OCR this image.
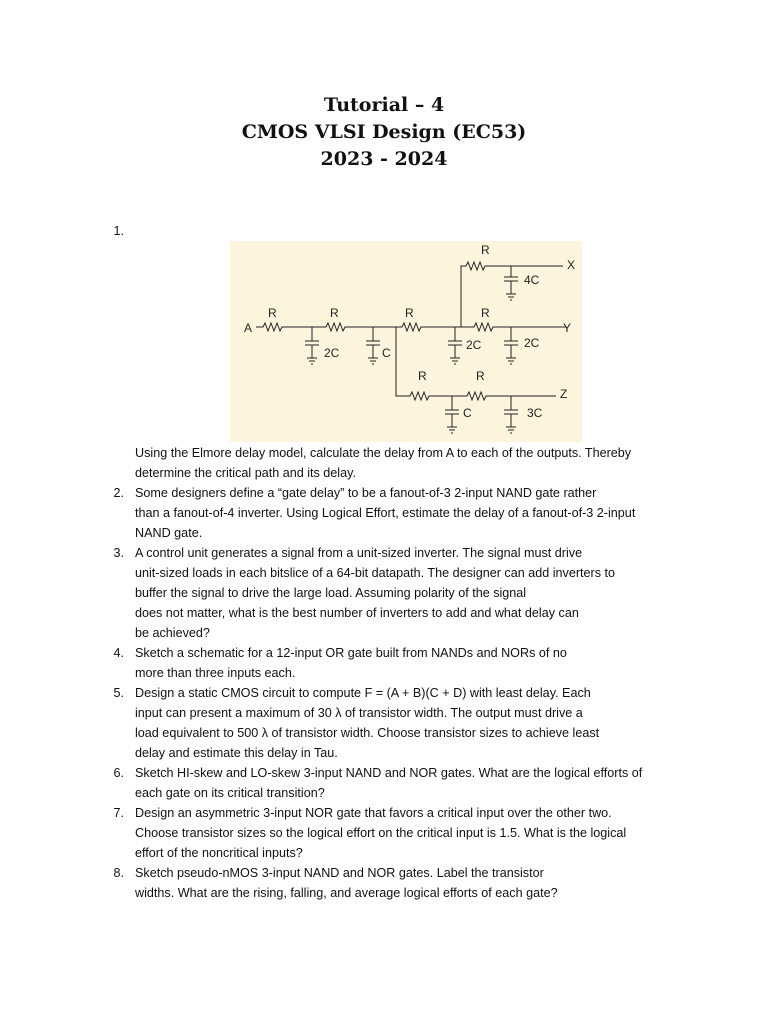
Tutorial – 4
CMOS VLSI Design (EC53)
2023 - 2024
1.
A
X
Y
Z
R	R	R	R
R
R	R
2C	C
4C
2C	2C
C	3C
Using the Elmore delay model, calculate the delay from A to each of the outputs. Thereby
determine the critical path and its delay.
2. Some designers define a “gate delay” to be a fanout-of-3 2-input NAND gate rather
than a fanout-of-4 inverter. Using Logical Effort, estimate the delay of a fanout-of-3 2-input
NAND gate.
3. A control unit generates a signal from a unit-sized inverter. The signal must drive
unit-sized loads in each bitslice of a 64-bit datapath. The designer can add inverters to
buffer the signal to drive the large load. Assuming polarity of the signal
does not matter, what is the best number of inverters to add and what delay can
be achieved?
4. Sketch a schematic for a 12-input OR gate built from NANDs and NORs of no
more than three inputs each.
5. Design a static CMOS circuit to compute F = (A + B)(C + D) with least delay. Each
input can present a maximum of 30 λ of transistor width. The output must drive a
load equivalent to 500 λ of transistor width. Choose transistor sizes to achieve least
delay and estimate this delay in Tau.
6. Sketch HI-skew and LO-skew 3-input NAND and NOR gates. What are the logical efforts of
each gate on its critical transition?
7. Design an asymmetric 3-input NOR gate that favors a critical input over the other two.
Choose transistor sizes so the logical effort on the critical input is 1.5. What is the logical
effort of the noncritical inputs?
8. Sketch pseudo-nMOS 3-input NAND and NOR gates. Label the transistor
widths. What are the rising, falling, and average logical efforts of each gate?
